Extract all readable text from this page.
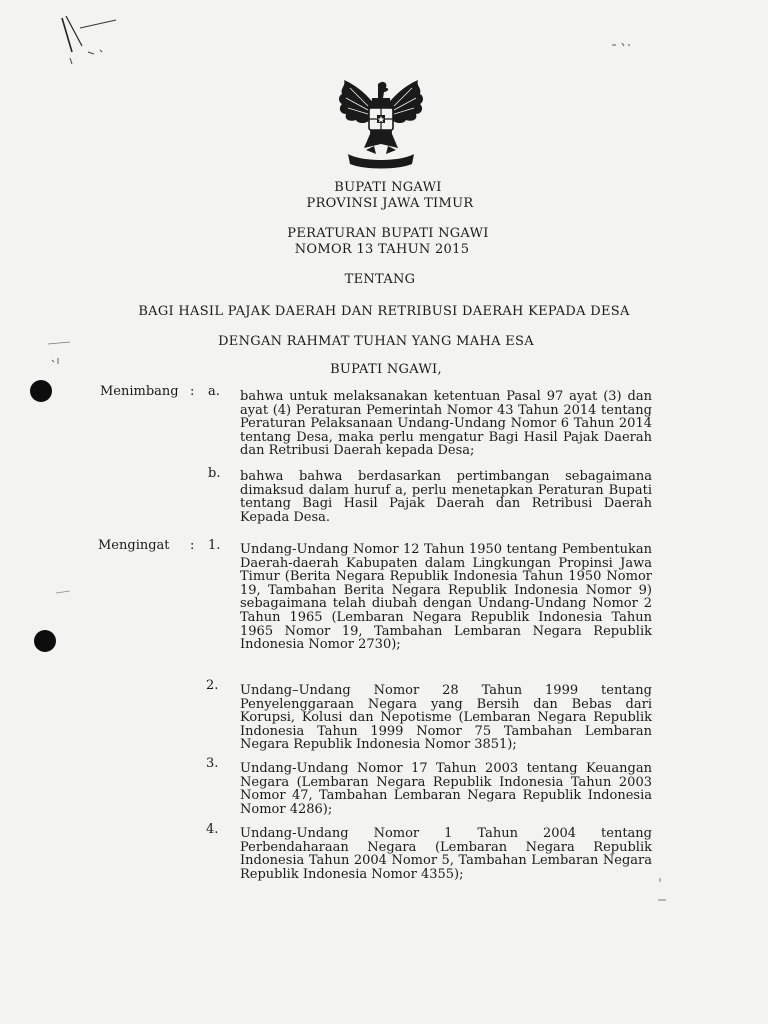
BUPATI NGAWI
PROVINSI JAWA TIMUR
PERATURAN BUPATI NGAWI
NOMOR 13 TAHUN 2015
TENTANG
BAGI HASIL PAJAK DAERAH DAN RETRIBUSI DAERAH KEPADA DESA
DENGAN RAHMAT TUHAN YANG MAHA ESA
BUPATI NGAWI,
Menimbang : a.	bahwa untuk melaksanakan ketentuan Pasal 97 ayat (3) dan ayat (4) Peraturan Pemerintah Nomor 43 Tahun 2014 tentang Peraturan Pelaksanaan Undang-Undang Nomor 6 Tahun 2014 tentang Desa, maka perlu mengatur Bagi Hasil Pajak Daerah dan Retribusi Daerah kepada Desa;
b.	bahwa bahwa berdasarkan pertimbangan sebagaimana dimaksud dalam huruf a, perlu menetapkan Peraturan Bupati tentang Bagi Hasil Pajak Daerah dan Retribusi Daerah Kepada Desa.
Mengingat : 1.	Undang-Undang Nomor 12 Tahun 1950 tentang Pembentukan Daerah-daerah Kabupaten dalam Lingkungan Propinsi Jawa Timur (Berita Negara Republik Indonesia Tahun 1950 Nomor 19, Tambahan Berita Negara Republik Indonesia Nomor 9) sebagaimana telah diubah dengan Undang-Undang Nomor 2 Tahun 1965 (Lembaran Negara Republik Indonesia Tahun 1965 Nomor 19, Tambahan Lembaran Negara Republik Indonesia Nomor 2730);
2.	Undang–Undang Nomor 28 Tahun 1999 tentang Penyelenggaraan Negara yang Bersih dan Bebas dari Korupsi, Kolusi dan Nepotisme (Lembaran Negara Republik Indonesia Tahun 1999 Nomor 75 Tambahan Lembaran Negara Republik Indonesia Nomor 3851);
3.	Undang-Undang Nomor 17 Tahun 2003 tentang Keuangan Negara (Lembaran Negara Republik Indonesia Tahun 2003 Nomor 47, Tambahan Lembaran Negara Republik Indonesia Nomor 4286);
4.	Undang-Undang Nomor 1 Tahun 2004 tentang Perbendaharaan Negara (Lembaran Negara Republik Indonesia Tahun 2004 Nomor 5, Tambahan Lembaran Negara Republik Indonesia Nomor 4355);
